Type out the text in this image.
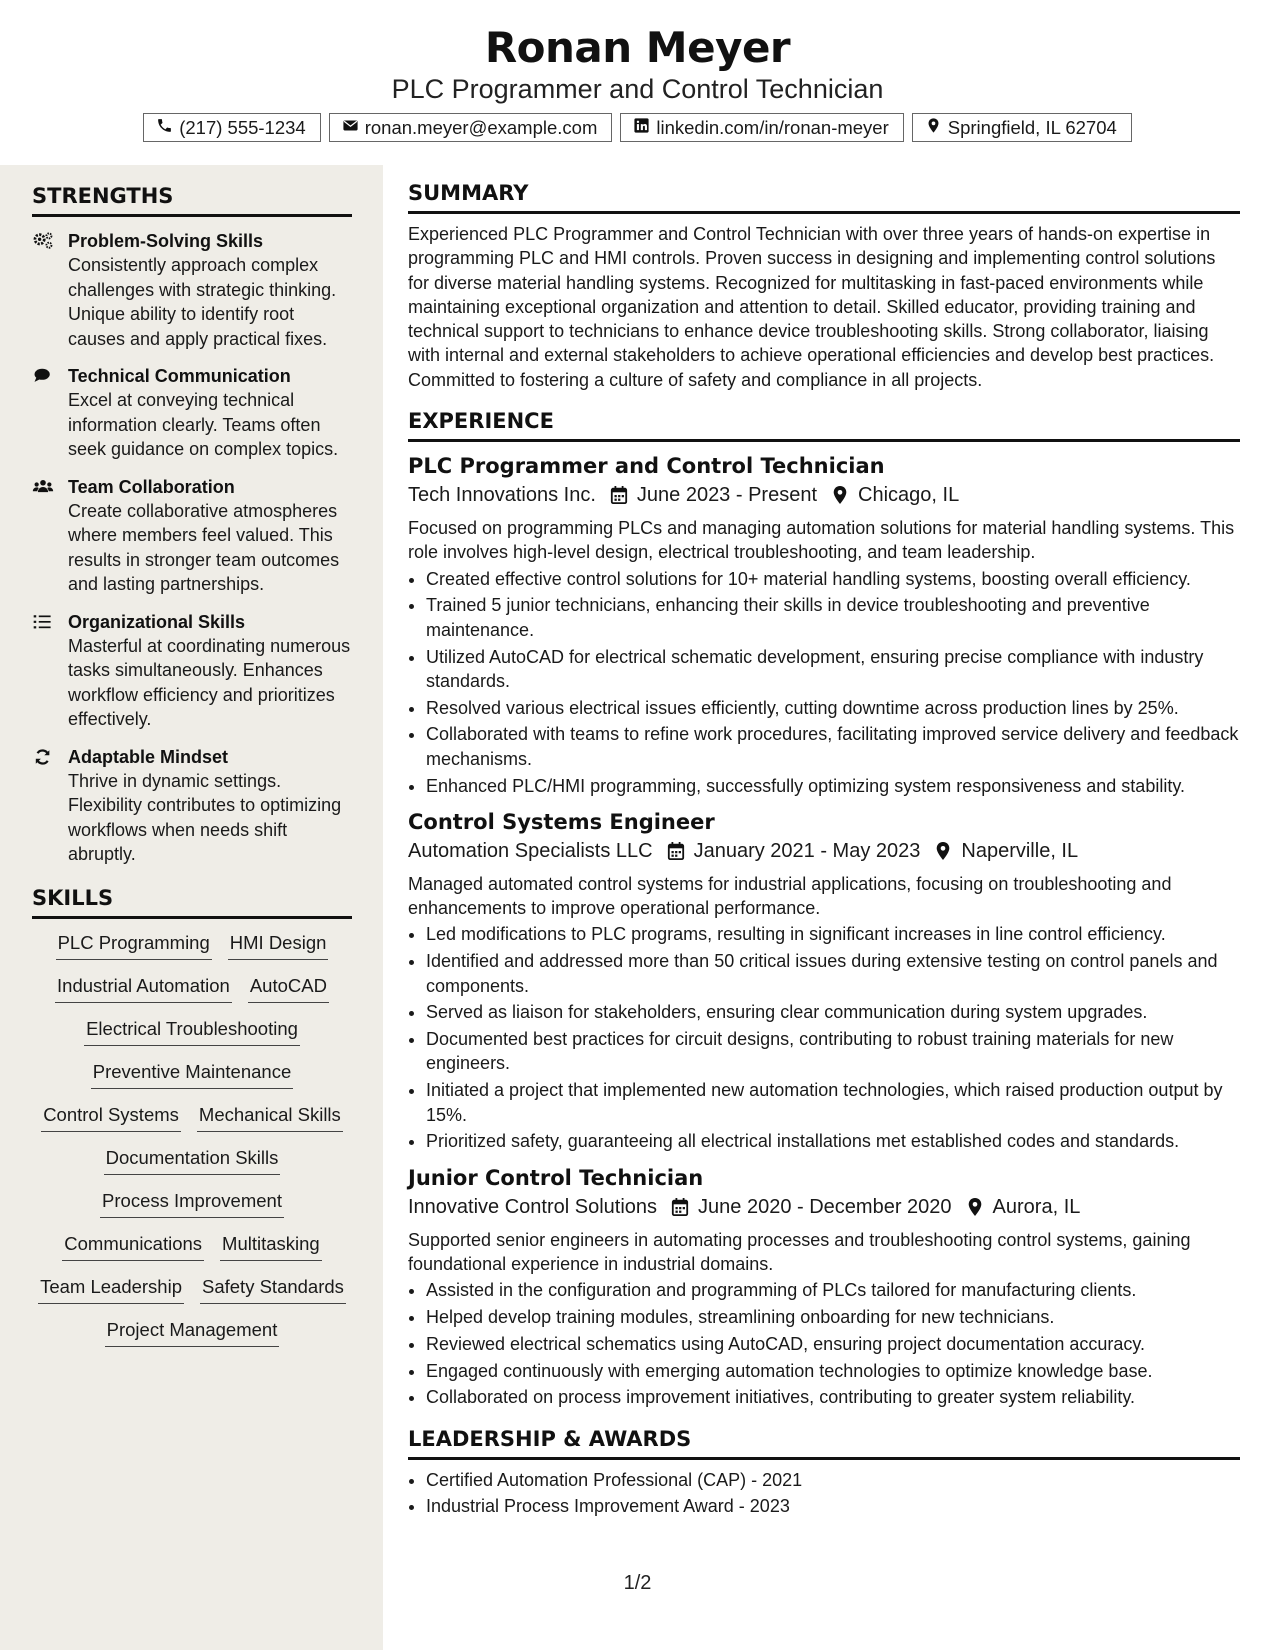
Ronan Meyer
PLC Programmer and Control Technician
(217) 555-1234	ronan.meyer@example.com	linkedin.com/in/ronan-meyer	Springfield, IL 62704
STRENGTHS
Problem-Solving Skills
Consistently approach complex challenges with strategic thinking. Unique ability to identify root causes and apply practical fixes.
Technical Communication
Excel at conveying technical information clearly. Teams often seek guidance on complex topics.
Team Collaboration
Create collaborative atmospheres where members feel valued. This results in stronger team outcomes and lasting partnerships.
Organizational Skills
Masterful at coordinating numerous tasks simultaneously. Enhances workflow efficiency and prioritizes effectively.
Adaptable Mindset
Thrive in dynamic settings. Flexibility contributes to optimizing workflows when needs shift abruptly.
SKILLS
PLC Programming HMI Design
Industrial Automation AutoCAD
Electrical Troubleshooting
Preventive Maintenance
Control Systems Mechanical Skills
Documentation Skills
Process Improvement
Communications Multitasking
Team Leadership Safety Standards
Project Management
SUMMARY
Experienced PLC Programmer and Control Technician with over three years of hands-on expertise in programming PLC and HMI controls. Proven success in designing and implementing control solutions for diverse material handling systems. Recognized for multitasking in fast-paced environments while maintaining exceptional organization and attention to detail. Skilled educator, providing training and technical support to technicians to enhance device troubleshooting skills. Strong collaborator, liaising with internal and external stakeholders to achieve operational efficiencies and develop best practices. Committed to fostering a culture of safety and compliance in all projects.
EXPERIENCE
PLC Programmer and Control Technician
Tech Innovations Inc. June 2023 - Present Chicago, IL
Focused on programming PLCs and managing automation solutions for material handling systems. This role involves high-level design, electrical troubleshooting, and team leadership.
• Created effective control solutions for 10+ material handling systems, boosting overall efficiency.
• Trained 5 junior technicians, enhancing their skills in device troubleshooting and preventive maintenance.
• Utilized AutoCAD for electrical schematic development, ensuring precise compliance with industry standards.
• Resolved various electrical issues efficiently, cutting downtime across production lines by 25%.
• Collaborated with teams to refine work procedures, facilitating improved service delivery and feedback mechanisms.
• Enhanced PLC/HMI programming, successfully optimizing system responsiveness and stability.
Control Systems Engineer
Automation Specialists LLC January 2021 - May 2023 Naperville, IL
Managed automated control systems for industrial applications, focusing on troubleshooting and enhancements to improve operational performance.
• Led modifications to PLC programs, resulting in significant increases in line control efficiency.
• Identified and addressed more than 50 critical issues during extensive testing on control panels and components.
• Served as liaison for stakeholders, ensuring clear communication during system upgrades.
• Documented best practices for circuit designs, contributing to robust training materials for new engineers.
• Initiated a project that implemented new automation technologies, which raised production output by 15%.
• Prioritized safety, guaranteeing all electrical installations met established codes and standards.
Junior Control Technician
Innovative Control Solutions June 2020 - December 2020 Aurora, IL
Supported senior engineers in automating processes and troubleshooting control systems, gaining foundational experience in industrial domains.
• Assisted in the configuration and programming of PLCs tailored for manufacturing clients.
• Helped develop training modules, streamlining onboarding for new technicians.
• Reviewed electrical schematics using AutoCAD, ensuring project documentation accuracy.
• Engaged continuously with emerging automation technologies to optimize knowledge base.
• Collaborated on process improvement initiatives, contributing to greater system reliability.
LEADERSHIP & AWARDS
• Certified Automation Professional (CAP) - 2021
• Industrial Process Improvement Award - 2023
1/2
